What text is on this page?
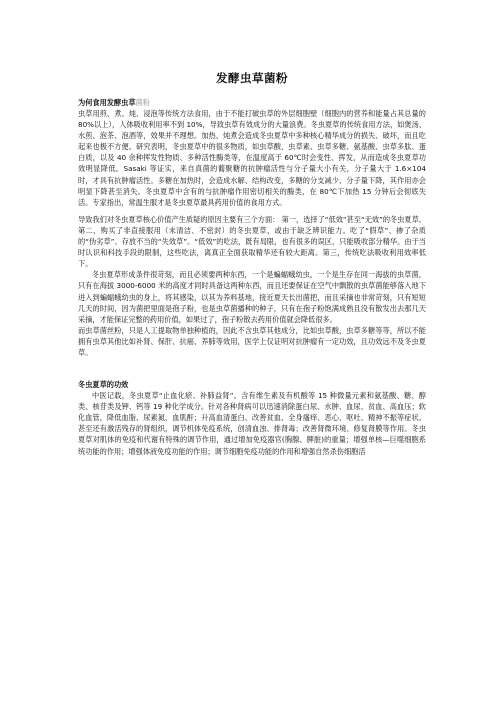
发酵虫草菌粉
为何食用发酵虫草菌粉

虫草用煎、煮、炖、浸泡等传统方法食用，由于不能打破虫草的外层细胞壁（细胞内的营养和能量占其总量的 80%以上），人体吸收利用率不到 10%，导致虫草有效成分的大量浪费。冬虫夏草的传统食用方法，如煲汤、水煎、泡茶、泡酒等，效果并不理想。加热、炖煮会造成冬虫夏草中多种核心精华成分的损失、破坏，而且吃起来也极不方便。研究表明，冬虫夏草中的很多物质，如虫草酸、虫草素、虫草多糖、氨基酸、虫草多肽、蛋白质，以及 40 余种挥发性物质、多种活性酶类等，在温度高于 60℃时会变性、挥发，从而造成冬虫夏草功效明显降低。Sasaki 等证实，来自真菌的葡聚糖的抗肿瘤活性与分子量大小有关，分子量大于 1.6×104 时，才具有抗肿瘤活性。多糖在加热时，会造成水解、结构改变，多糖的分支减少、分子量下降，其作用亦会明显下降甚至消失。冬虫夏草中含有的与抗肿瘤作用密切相关的酶类，在 80℃下加热 15 分钟后会彻底失活。专家指出，常温生服才是冬虫夏草最具药用价值的食用方式。

导致我们对冬虫夏草核心价值产生质疑的原因主要有三个方面： 第一，选择了“低效”甚至“无效”的冬虫夏草。第二，购买了非直接服用（未清洁、不密封）的冬虫夏草，或由于缺乏辨识能力。吃了“假草”、掺了杂质的“伪劣草”、存放不当的“失效草”。“低效”的吃法，既有局限，也有很多的误区，只能吸收部分精华。由于当时认识和科技手段的限制，这些吃法，离真正全面获取精华还有较大距离。第三，传统吃法吸收利用效率低下。

冬虫夏草形成条件很苛刻，而且必须要两种东西，一个是蝙蝠蛾幼虫，一个是生存在同一海拔的虫草菌，只有在海拔 3000-6000 米的高度才同时具备这两种东西，而且还要保证在空气中飘散的虫草菌能够落入地下进入到蝙蝠蛾幼虫的身上，将其感染，以其为养料基地，接近夏天长出菌把，而且采摘也非常苛刻，只有短短几天的时间，因为菌把里面是孢子粉，也是虫草菌播种的种子，只有在孢子粉饱满成熟且没有散发出去那几天采摘，才能保证完整的药用价值，如果过了，孢子粉散去药用价值就会降低很多。

而虫草菌丝粉，只是人工提取物单独种植的，因此不含虫草其他成分，比如虫草酸，虫草多糖等等，所以不能拥有虫草其他比如补肾、保肝、抗癌、养肺等效用，医学上仅证明对抗肿瘤有一定功效，且功效远不及冬虫夏草。

冬虫夏草的功效

中医记载，冬虫夏草“止血化瘀、补肺益肾”。含有维生素及有机酸等 15 种微量元素和氨基酸、糖、醇类、核苷类及钾、钙等 19 种化学成分。针对各种肾病可以迅速消除蛋白尿、水肿、血尿、贫血、高血压；软化血管，降低血脂、尿素氮、血肌酐；升高血清蛋白、改善贫血、全身瘙痒、恶心、呕吐、精神不振等症状。甚至还有激活残存的肾组织，调节机体免疫系统，创清血浊、排肾毒；改善肾微环境、修复肾膜等作用。冬虫夏草对肌体的免疫和代谢有特殊的调节作用，通过增加免疫器官(胸腺、脾脏)的重量；增强单核—巨噬细胞系统功能的作用；增强体液免疫功能的作用；调节细胞免疫功能的作用和增强自然杀伤细胞活
